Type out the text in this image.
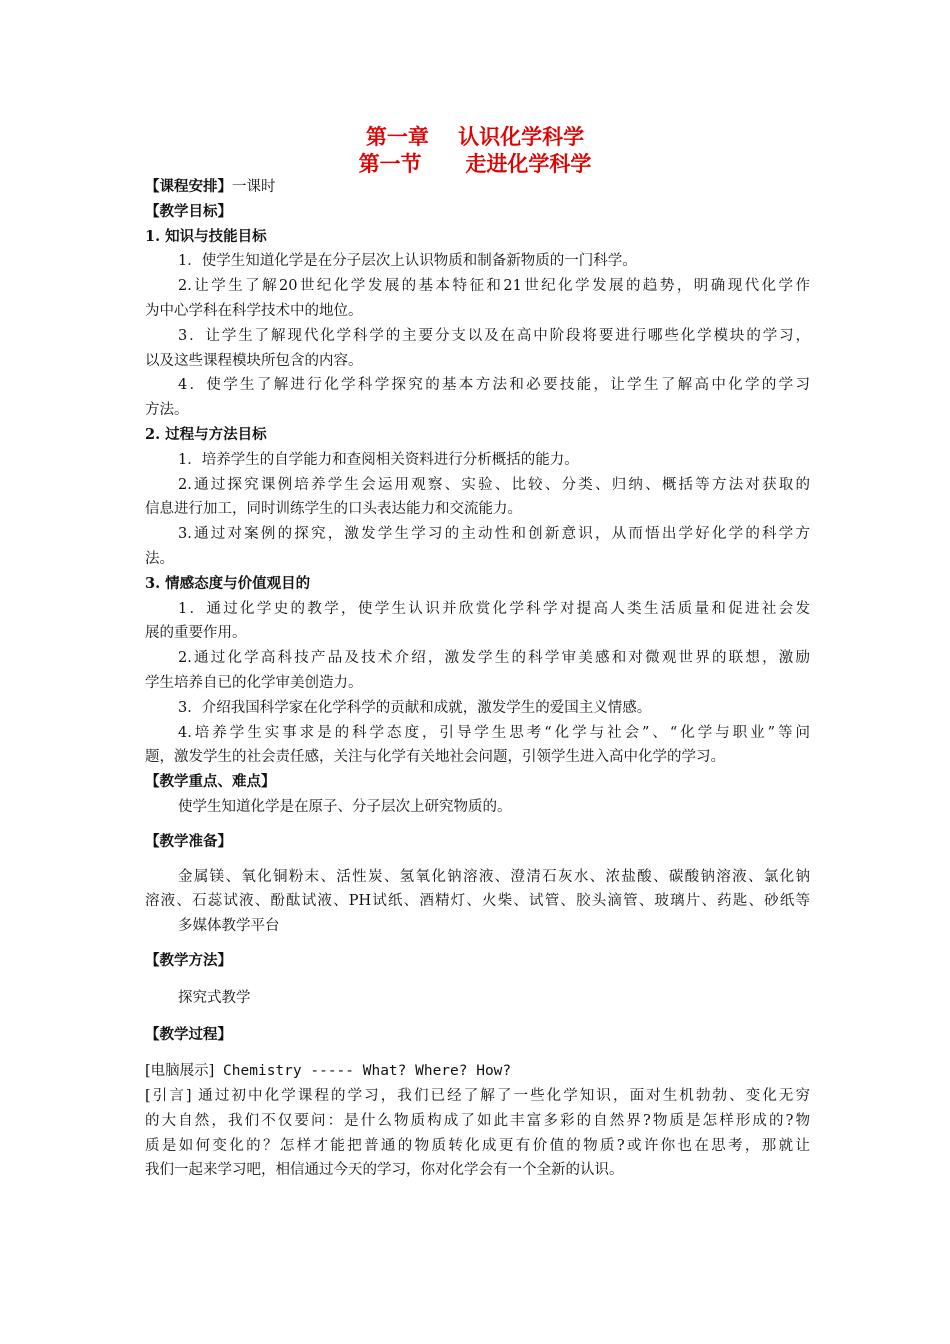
第一章    认识化学科学
第一节      走进化学科学
【课程安排】一课时
【教学目标】
1. 知识与技能目标
1．使学生知道化学是在分子层次上认识物质和制备新物质的一门科学。
2.让学生了解20世纪化学发展的基本特征和21世纪化学发展的趋势，明确现代化学作
为中心学科在科学技术中的地位。
3．让学生了解现代化学科学的主要分支以及在高中阶段将要进行哪些化学模块的学习，
以及这些课程模块所包含的内容。
4．使学生了解进行化学科学探究的基本方法和必要技能，让学生了解高中化学的学习
方法。
2. 过程与方法目标
1．培养学生的自学能力和查阅相关资料进行分析概括的能力。
2.通过探究课例培养学生会运用观察、实验、比较、分类、归纳、概括等方法对获取的
信息进行加工，同时训练学生的口头表达能力和交流能力。
3.通过对案例的探究，激发学生学习的主动性和创新意识，从而悟出学好化学的科学方
法。
3. 情感态度与价值观目的
1．通过化学史的教学，使学生认识并欣赏化学科学对提高人类生活质量和促进社会发
展的重要作用。
2.通过化学高科技产品及技术介绍，激发学生的科学审美感和对微观世界的联想，激励
学生培养自已的化学审美创造力。
3．介绍我国科学家在化学科学的贡献和成就，激发学生的爱国主义情感。
4.培养学生实事求是的科学态度，引导学生思考“化学与社会”、“化学与职业”等问
题，激发学生的社会责任感，关注与化学有关地社会问题，引领学生进入高中化学的学习。
【教学重点、难点】
使学生知道化学是在原子、分子层次上研究物质的。
【教学准备】
金属镁、氧化铜粉末、活性炭、氢氧化钠溶液、澄清石灰水、浓盐酸、碳酸钠溶液、氯化钠
溶液、石蕊试液、酚酞试液、PH试纸、酒精灯、火柴、试管、胶头滴管、玻璃片、药匙、砂纸等
多媒体教学平台
【教学方法】
探究式教学
【教学过程】
[电脑展示] Chemistry ----- What? Where? How?
[引言] 通过初中化学课程的学习，我们已经了解了一些化学知识，面对生机勃勃、变化无穷
的大自然，我们不仅要问：是什么物质构成了如此丰富多彩的自然界?物质是怎样形成的?物
质是如何变化的？怎样才能把普通的物质转化成更有价值的物质?或许你也在思考，那就让
我们一起来学习吧，相信通过今天的学习，你对化学会有一个全新的认识。
